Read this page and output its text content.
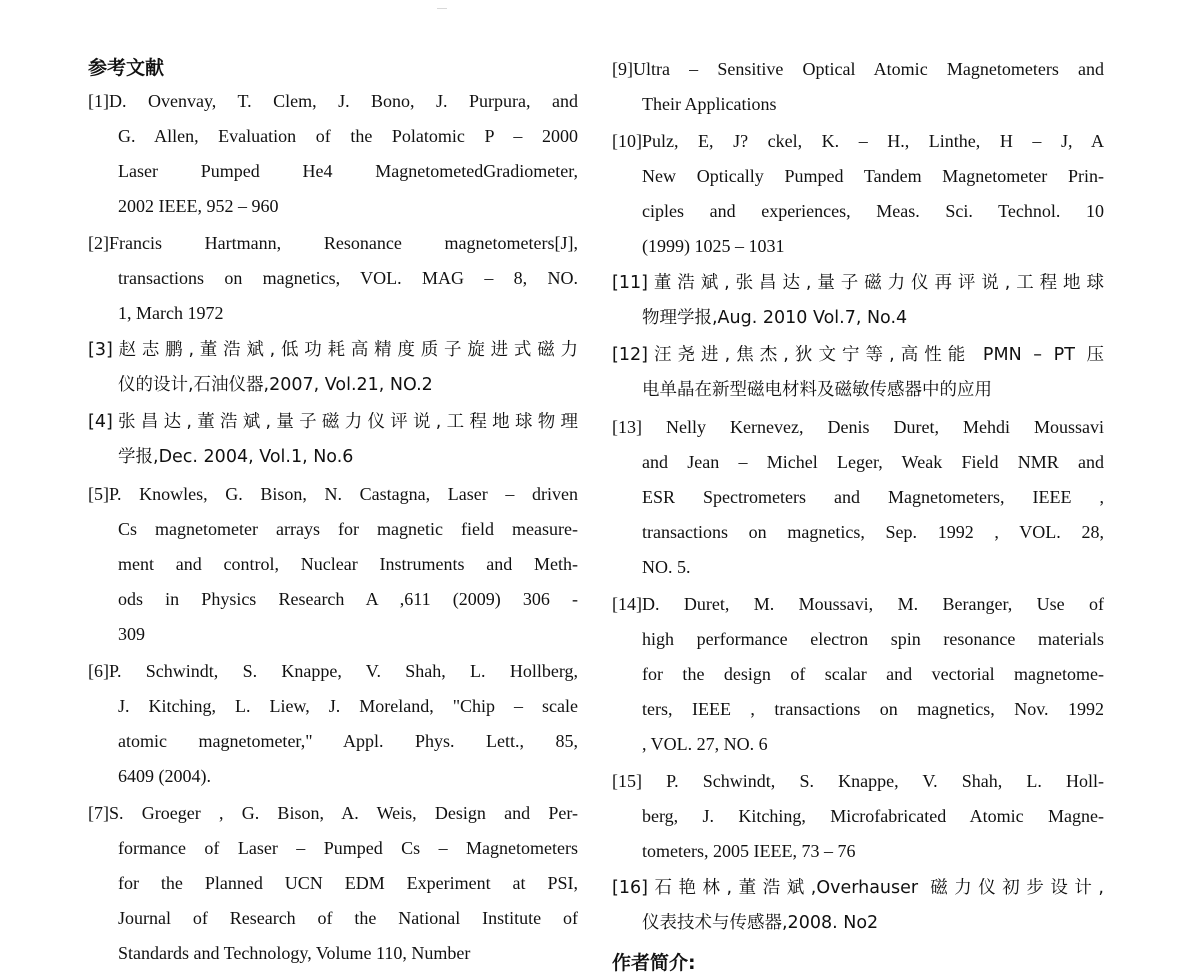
参考文献

[1]D. Ovenvay, T. Clem, J. Bono, J. Purpura, and
G. Allen, Evaluation of the Polatomic P – 2000
Laser Pumped He4 MagnetometedGradiometer,
2002 IEEE, 952 – 960

[2]Francis Hartmann, Resonance magnetometers[J],
transactions on magnetics, VOL. MAG – 8, NO.
1, March 1972

[3]赵志鹏,董浩斌,低功耗高精度质子旋进式磁力
仪的设计,石油仪器,2007, Vol.21, NO.2

[4]张昌达,董浩斌,量子磁力仪评说,工程地球物理
学报,Dec. 2004, Vol.1, No.6

[5]P. Knowles, G. Bison, N. Castagna, Laser – driven
Cs magnetometer arrays for magnetic field measure-
ment and control, Nuclear Instruments and Meth-
ods in Physics Research A ,611 (2009) 306 -
309

[6]P. Schwindt, S. Knappe, V. Shah, L. Hollberg,
J. Kitching, L. Liew, J. Moreland, "Chip – scale
atomic magnetometer," Appl. Phys. Lett., 85,
6409 (2004).

[7]S. Groeger , G. Bison, A. Weis, Design and Per-
formance of Laser – Pumped Cs – Magnetometers
for the Planned UCN EDM Experiment at PSI,
Journal of Research of the National Institute of
Standards and Technology, Volume 110, Number

[9]Ultra – Sensitive Optical Atomic Magnetometers and
Their Applications

[10]Pulz, E, J? ckel, K. – H., Linthe, H – J, A
New Optically Pumped Tandem Magnetometer Prin-
ciples and experiences, Meas. Sci. Technol. 10
(1999) 1025 – 1031

[11]董浩斌,张昌达,量子磁力仪再评说,工程地球
物理学报,Aug. 2010 Vol.7, No.4

[12]汪尧进,焦杰,狄文宁等,高性能 PMN – PT 压
电单晶在新型磁电材料及磁敏传感器中的应用

[13] Nelly Kernevez, Denis Duret, Mehdi Moussavi
and Jean – Michel Leger, Weak Field NMR and
ESR Spectrometers and Magnetometers, IEEE ,
transactions on magnetics, Sep. 1992 , VOL. 28,
NO. 5.

[14]D. Duret, M. Moussavi, M. Beranger, Use of
high performance electron spin resonance materials
for the design of scalar and vectorial magnetome-
ters, IEEE , transactions on magnetics, Nov. 1992
, VOL. 27, NO. 6

[15] P. Schwindt, S. Knappe, V. Shah, L. Holl-
berg, J. Kitching, Microfabricated Atomic Magne-
tometers, 2005 IEEE, 73 – 76

[16]石艳林,董浩斌,Overhauser 磁力仪初步设计,
仪表技术与传感器,2008. No2

作者简介:
